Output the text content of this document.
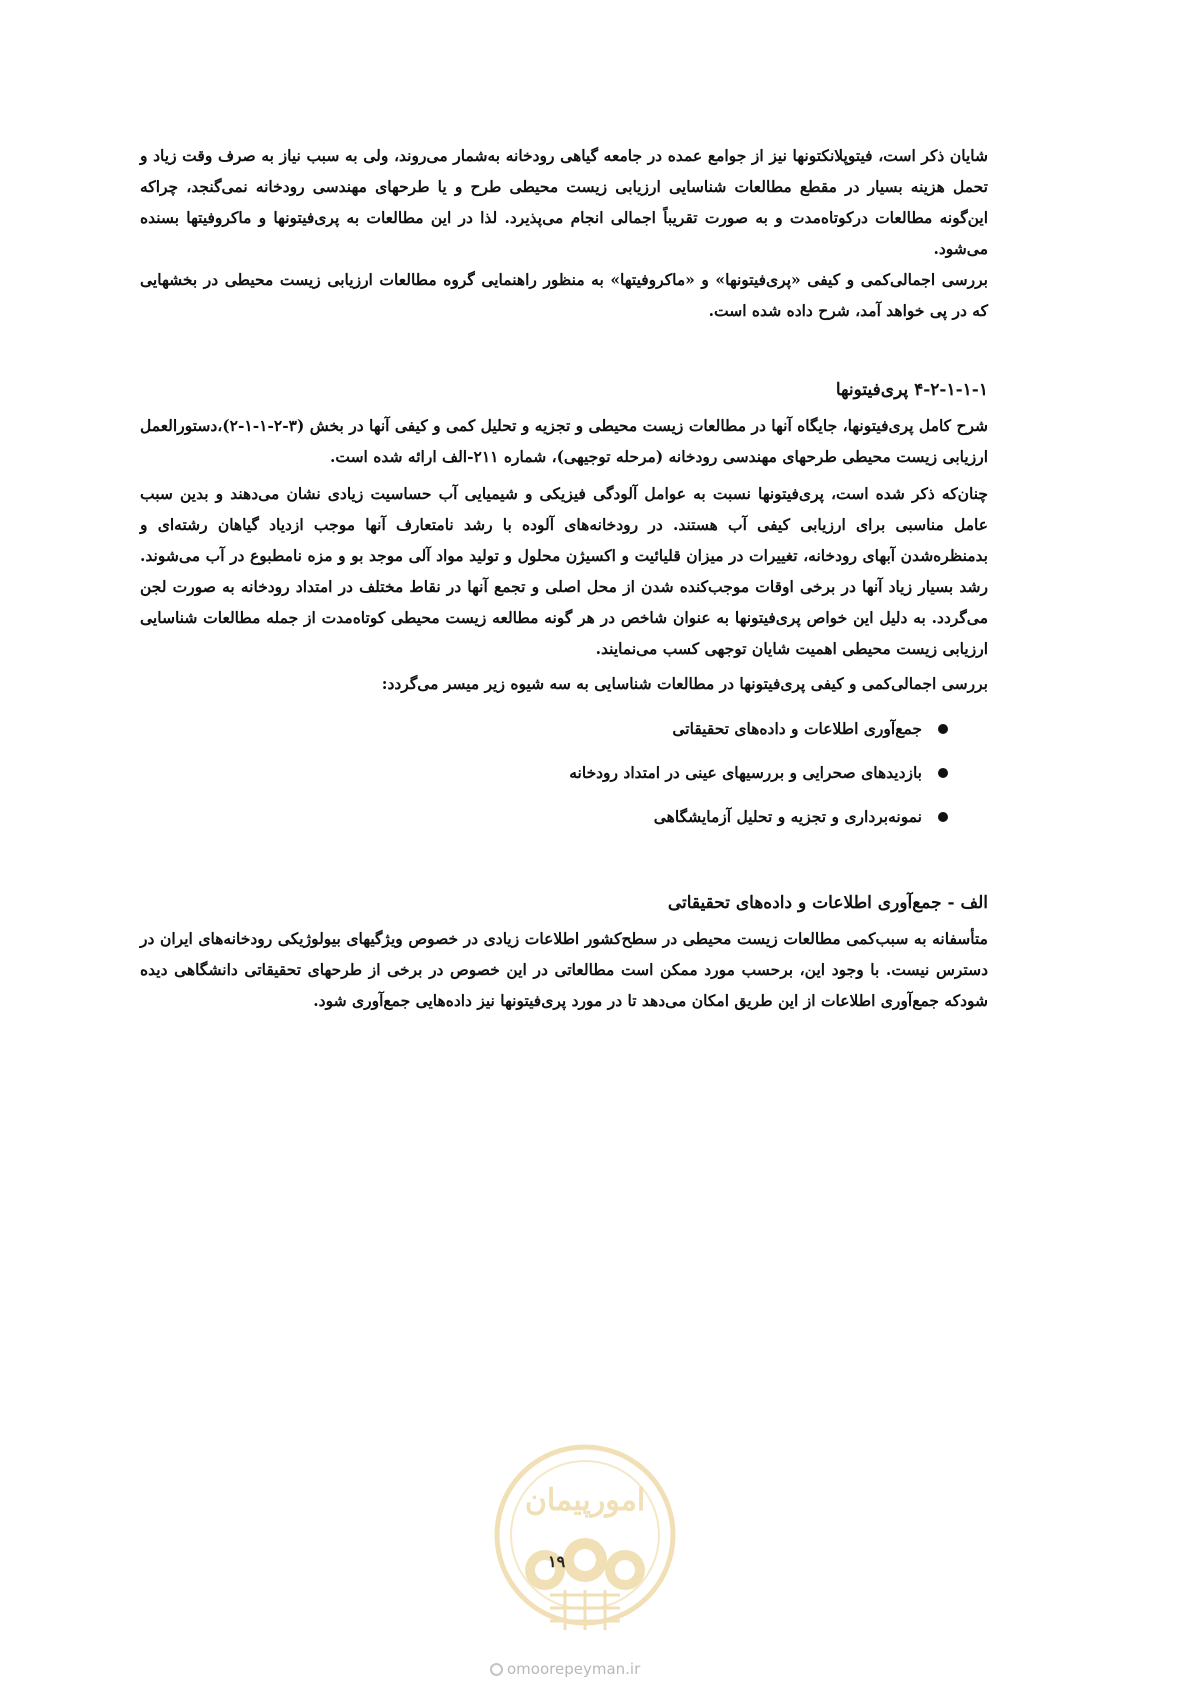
شایان ذکر است، فیتوپلانکتونها نیز از جوامع عمده در جامعه گیاهی رودخانه به‌شمار می‌روند، ولی به سبب نیاز به صرف وقت زیاد و تحمل هزینه بسیار در مقطع مطالعات شناسایی ارزیابی زیست محیطی طرح و یا طرحهای مهندسی رودخانه نمی‌گنجد، چراکه این‌گونه مطالعات درکوتاه‌مدت و به صورت تقریباً اجمالی انجام می‌پذیرد. لذا در این مطالعات به پری‌فیتونها و ماکروفیتها بسنده می‌شود.

بررسی اجمالی‌کمی و کیفی «پری‌فیتونها» و «ماکروفیتها» به منظور راهنمایی گروه مطالعات ارزیابی زیست محیطی در بخشهایی که در پی خواهد آمد، شرح داده شده است.

۴-۲-۱-۱-۱ پری‌فیتونها

شرح کامل پری‌فیتونها، جایگاه آنها در مطالعات زیست محیطی و تجزیه و تحلیل کمی و کیفی آنها در بخش (۳-۲-۱-۱-۲)،دستورالعمل ارزیابی زیست محیطی طرحهای مهندسی رودخانه (مرحله توجیهی)، شماره ۲۱۱-الف ارائه شده است.

چنان‌که ذکر شده است، پری‌فیتونها نسبت به عوامل آلودگی فیزیکی و شیمیایی آب حساسیت زیادی نشان می‌دهند و بدین سبب عامل مناسبی برای ارزیابی کیفی آب هستند. در رودخانه‌های آلوده با رشد نامتعارف آنها موجب ازدیاد گیاهان رشته‌ای و بدمنظره‌شدن آبهای رودخانه، تغییرات در میزان قلیائیت و اکسیژن محلول و تولید مواد آلی موجد بو و مزه نامطبوع در آب می‌شوند. رشد بسیار زیاد آنها در برخی اوقات موجب‌کنده شدن از محل اصلی و تجمع آنها در نقاط مختلف در امتداد رودخانه به صورت لجن می‌گردد. به دلیل این خواص پری‌فیتونها به عنوان شاخص در هر گونه مطالعه زیست محیطی کوتاه‌مدت از جمله مطالعات شناسایی ارزیابی زیست محیطی اهمیت شایان توجهی کسب می‌نمایند.

بررسی اجمالی‌کمی و کیفی پری‌فیتونها در مطالعات شناسایی به سه شیوه زیر میسر می‌گردد:

جمع‌آوری اطلاعات و داده‌های تحقیقاتی
بازدیدهای صحرایی و بررسیهای عینی در امتداد رودخانه
نمونه‌برداری و تجزیه و تحلیل آزمایشگاهی

الف - جمع‌آوری اطلاعات و داده‌های تحقیقاتی

متأسفانه به سبب‌کمی مطالعات زیست محیطی در سطح‌کشور اطلاعات زیادی در خصوص ویژگیهای بیولوژیکی رودخانه‌های ایران در دسترس نیست. با وجود این، برحسب مورد ممکن است مطالعاتی در این خصوص در برخی از طرحهای تحقیقاتی دانشگاهی دیده شودکه جمع‌آوری اطلاعات از این طریق امکان می‌دهد تا در مورد پری‌فیتونها نیز داده‌هایی جمع‌آوری شود.

امورپیمان
۱۹
omoorepeyman.ir
